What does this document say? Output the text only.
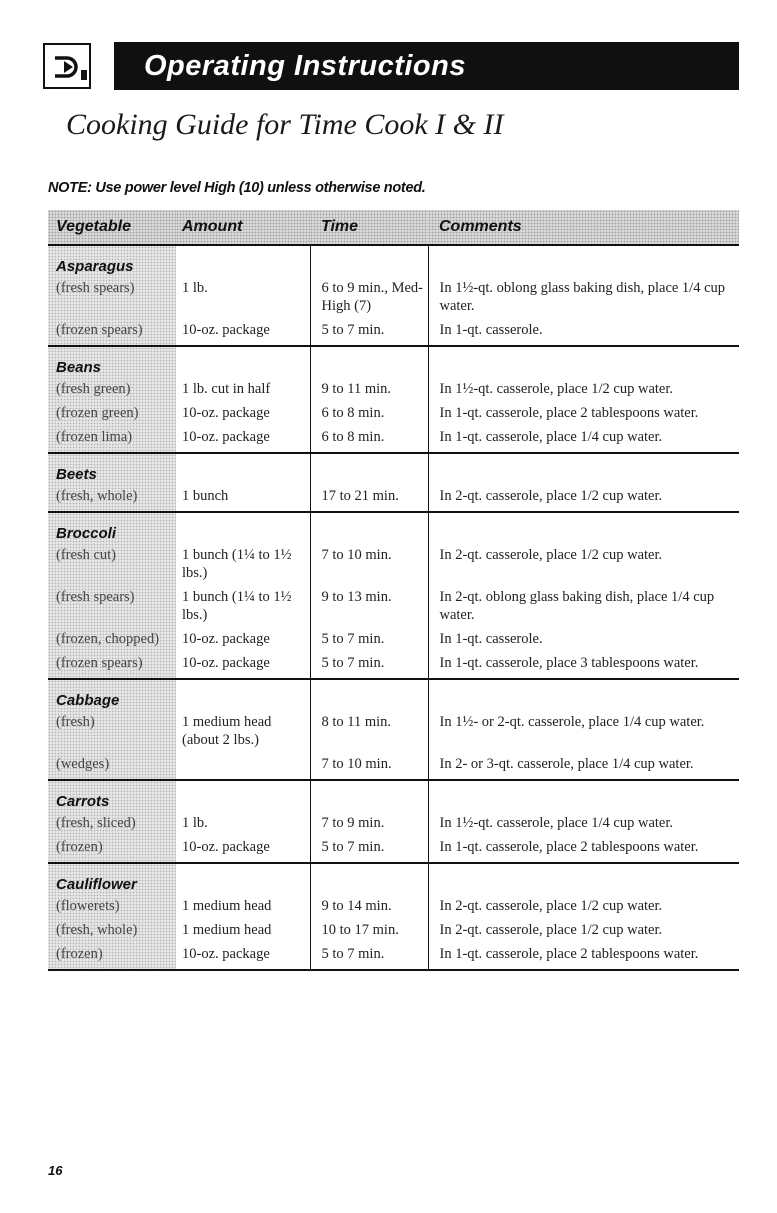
Operating Instructions
Cooking Guide for Time Cook I & II
NOTE: Use power level High (10) unless otherwise noted.
Vegetable	Amount	Time	Comments
Asparagus			
(fresh spears)	1 lb.	6 to 9 min., Med-High (7)	In 1½-qt. oblong glass baking dish, place 1/4 cup water.
(frozen spears)	10-oz. package	5 to 7 min.	In 1-qt. casserole.
Beans			
(fresh green)	1 lb. cut in half	9 to 11 min.	In 1½-qt. casserole, place 1/2 cup water.
(frozen green)	10-oz. package	6 to 8 min.	In 1-qt. casserole, place 2 tablespoons water.
(frozen lima)	10-oz. package	6 to 8 min.	In 1-qt. casserole, place 1/4 cup water.
Beets			
(fresh, whole)	1 bunch	17 to 21 min.	In 2-qt. casserole, place 1/2 cup water.
Broccoli			
(fresh cut)	1 bunch (1¼ to 1½ lbs.)	7 to 10 min.	In 2-qt. casserole, place 1/2 cup water.
(fresh spears)	1 bunch (1¼ to 1½ lbs.)	9 to 13 min.	In 2-qt. oblong glass baking dish, place 1/4 cup water.
(frozen, chopped)	10-oz. package	5 to 7 min.	In 1-qt. casserole.
(frozen spears)	10-oz. package	5 to 7 min.	In 1-qt. casserole, place 3 tablespoons water.
Cabbage			
(fresh)	1 medium head (about 2 lbs.)	8 to 11 min.	In 1½- or 2-qt. casserole, place 1/4 cup water.
(wedges)		7 to 10 min.	In 2- or 3-qt. casserole, place 1/4 cup water.
Carrots			
(fresh, sliced)	1 lb.	7 to 9 min.	In 1½-qt. casserole, place 1/4 cup water.
(frozen)	10-oz. package	5 to 7 min.	In 1-qt. casserole, place 2 tablespoons water.
Cauliflower			
(flowerets)	1 medium head	9 to 14 min.	In 2-qt. casserole, place 1/2 cup water.
(fresh, whole)	1 medium head	10 to 17 min.	In 2-qt. casserole, place 1/2 cup water.
(frozen)	10-oz. package	5 to 7 min.	In 1-qt. casserole, place 2 tablespoons water.
16
